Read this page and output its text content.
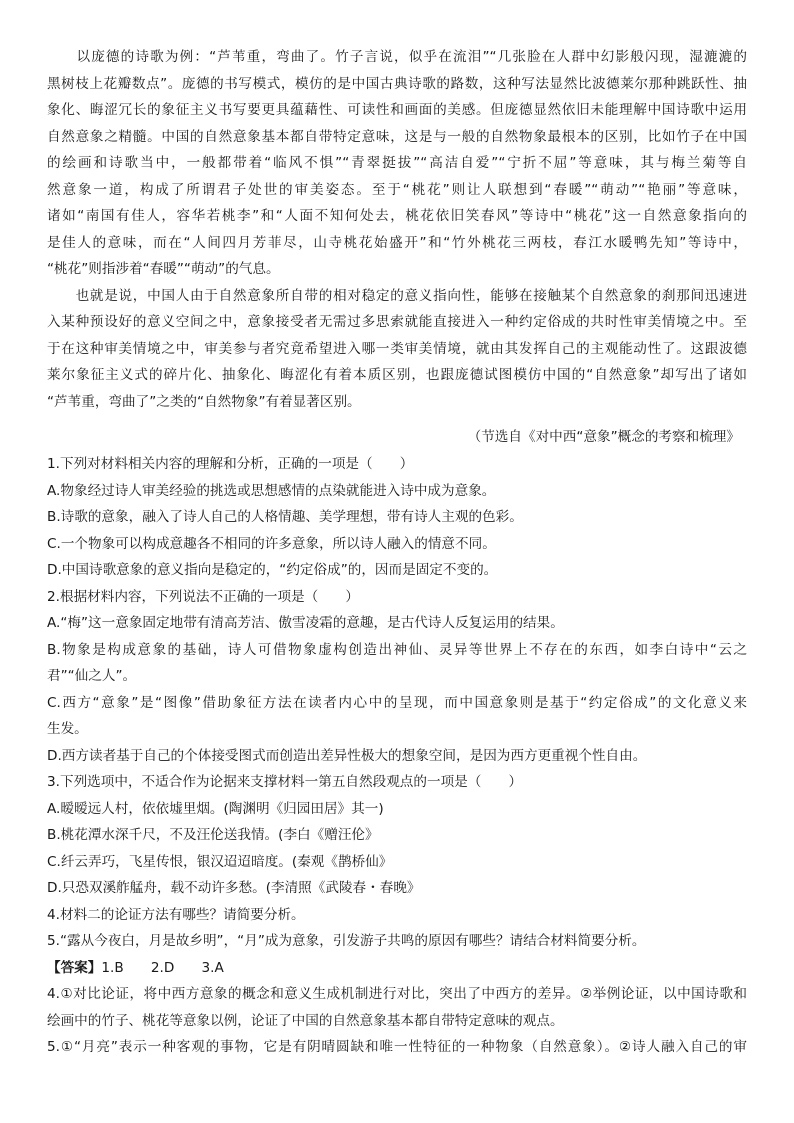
　　以庞德的诗歌为例：“芦苇重，弯曲了。竹子言说，似乎在流泪”“几张脸在人群中幻影般闪现，湿漉漉的
黑树枝上花瓣数点”。庞德的书写模式，模仿的是中国古典诗歌的路数，这种写法显然比波德莱尔那种跳跃性、抽
象化、晦涩冗长的象征主义书写要更具蕴藉性、可读性和画面的美感。但庞德显然依旧未能理解中国诗歌中运用
自然意象之精髓。中国的自然意象基本都自带特定意味，这是与一般的自然物象最根本的区别，比如竹子在中国
的绘画和诗歌当中，一般都带着“临风不惧”“青翠挺拔”“高洁自爱”“宁折不屈”等意味，其与梅兰菊等自
然意象一道，构成了所谓君子处世的审美姿态。至于“桃花”则让人联想到“春暖”“萌动”“艳丽”等意味，
诸如“南国有佳人，容华若桃李”和“人面不知何处去，桃花依旧笑春风”等诗中“桃花”这一自然意象指向的
是佳人的意味，而在“人间四月芳菲尽，山寺桃花始盛开”和“竹外桃花三两枝，春江水暖鸭先知”等诗中，
“桃花”则指涉着“春暖”“萌动”的气息。
　　也就是说，中国人由于自然意象所自带的相对稳定的意义指向性，能够在接触某个自然意象的刹那间迅速进
入某种预设好的意义空间之中，意象接受者无需过多思索就能直接进入一种约定俗成的共时性审美情境之中。至
于在这种审美情境之中，审美参与者究竟希望进入哪一类审美情境，就由其发挥自己的主观能动性了。这跟波德
莱尔象征主义式的碎片化、抽象化、晦涩化有着本质区别，也跟庞德试图模仿中国的“自然意象”却写出了诸如
“芦苇重，弯曲了”之类的“自然物象”有着显著区别。
（节选自《对中西“意象”概念的考察和梳理》
1.下列对材料相关内容的理解和分析，正确的一项是（　　）
A.物象经过诗人审美经验的挑选或思想感情的点染就能进入诗中成为意象。
B.诗歌的意象，融入了诗人自己的人格情趣、美学理想，带有诗人主观的色彩。
C.一个物象可以构成意趣各不相同的许多意象，所以诗人融入的情意不同。
D.中国诗歌意象的意义指向是稳定的，“约定俗成”的，因而是固定不变的。
2.根据材料内容，下列说法不正确的一项是（　　）
A.“梅”这一意象固定地带有清高芳洁、傲雪凌霜的意趣，是古代诗人反复运用的结果。
B.物象是构成意象的基础，诗人可借物象虚构创造出神仙、灵异等世界上不存在的东西，如李白诗中“云之
君”“仙之人”。
C.西方“意象”是“图像”借助象征方法在读者内心中的呈现，而中国意象则是基于“约定俗成”的文化意义来
生发。
D.西方读者基于自己的个体接受图式而创造出差异性极大的想象空间，是因为西方更重视个性自由。
3.下列选项中，不适合作为论据来支撑材料一第五自然段观点的一项是（　　）
A.暧暧远人村，依依墟里烟。(陶渊明《归园田居》其一)
B.桃花潭水深千尺，不及汪伦送我情。(李白《赠汪伦》
C.纤云弄巧，飞星传恨，银汉迢迢暗度。(秦观《鹊桥仙》
D.只恐双溪舴艋舟，载不动许多愁。(李清照《武陵春・春晚》
4.材料二的论证方法有哪些？请简要分析。
5.“露从今夜白，月是故乡明”，“月”成为意象，引发游子共鸣的原因有哪些？请结合材料简要分析。
【答案】1.B　　2.D　　3.A
4.①对比论证，将中西方意象的概念和意义生成机制进行对比，突出了中西方的差异。②举例论证，以中国诗歌和
绘画中的竹子、桃花等意象以例，论证了中国的自然意象基本都自带特定意味的观点。
5.①“月亮”表示一种客观的事物，它是有阴晴圆缺和唯一性特征的一种物象（自然意象）。②诗人融入自己的审
